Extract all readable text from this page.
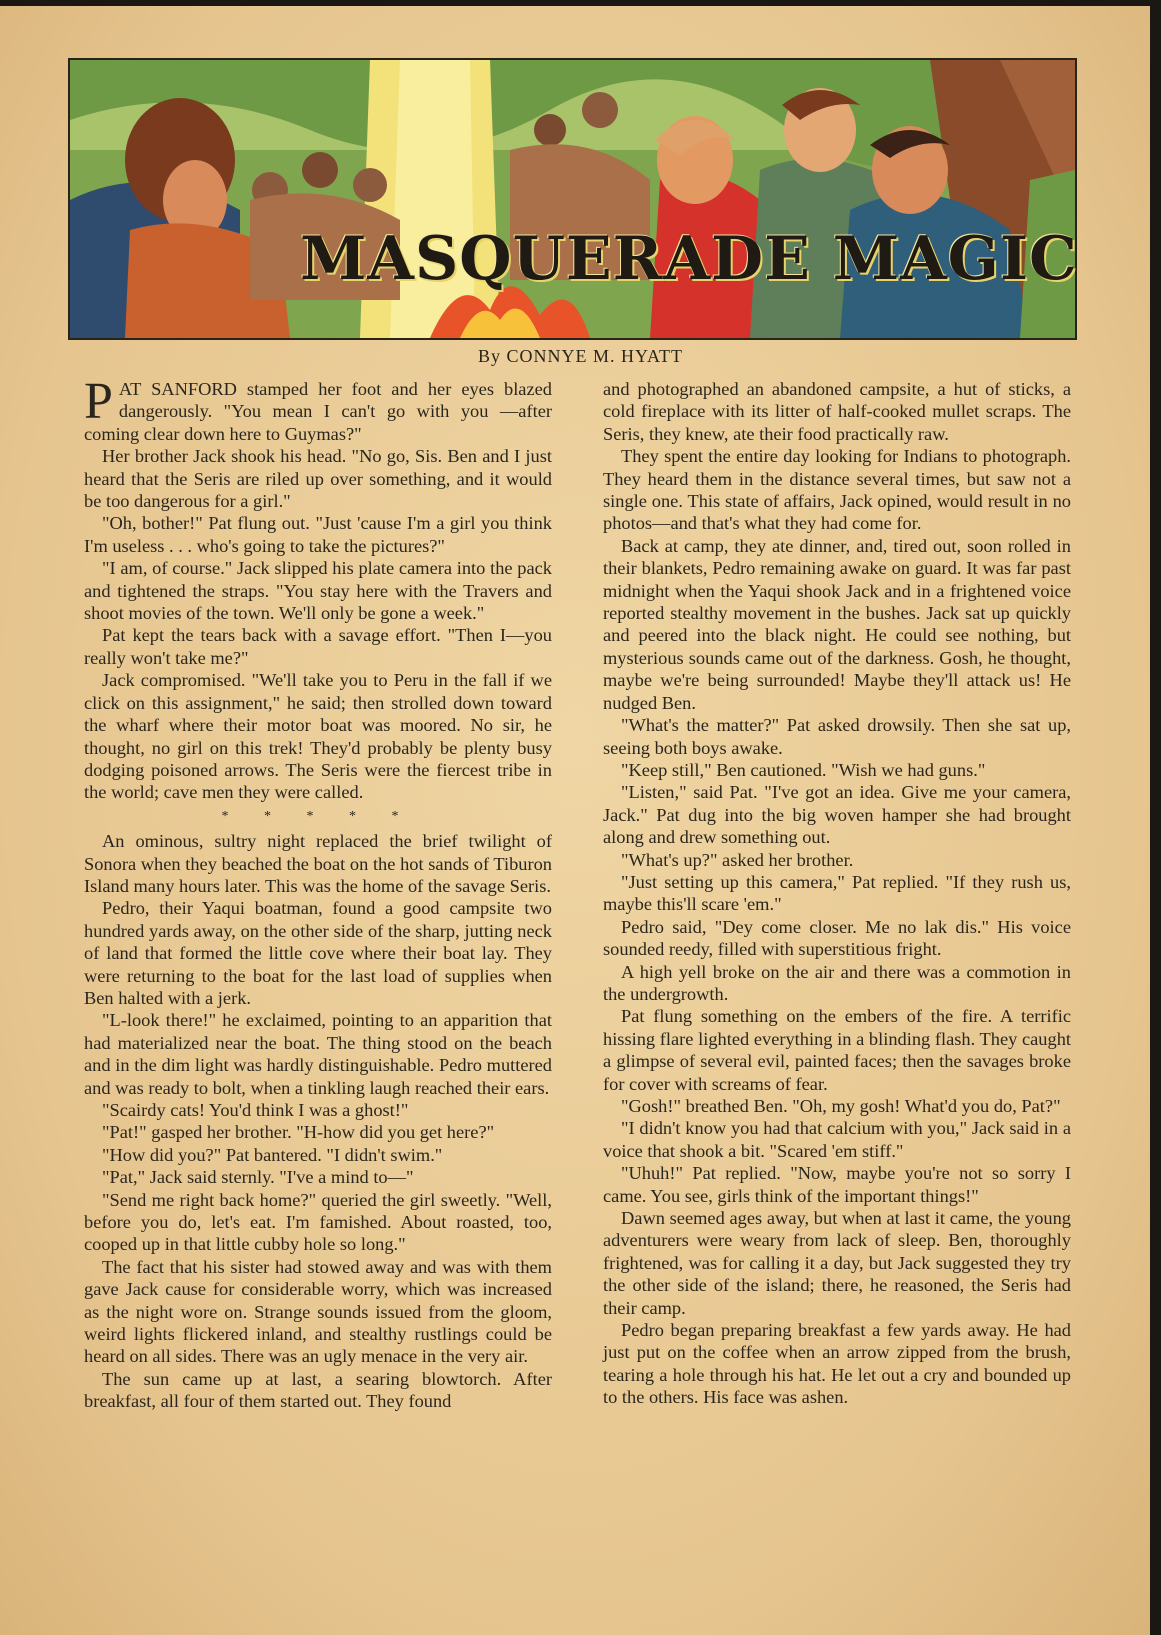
MASQUERADE MAGIC
By CONNYE M. HYATT

PAT SANFORD stamped her foot and her eyes blazed dangerously. "You mean I can't go with you —after coming clear down here to Guymas?"

Her brother Jack shook his head. "No go, Sis. Ben and I just heard that the Seris are riled up over something, and it would be too dangerous for a girl."

"Oh, bother!" Pat flung out. "Just 'cause I'm a girl you think I'm useless . . . who's going to take the pictures?"

"I am, of course." Jack slipped his plate camera into the pack and tightened the straps. "You stay here with the Travers and shoot movies of the town. We'll only be gone a week."

Pat kept the tears back with a savage effort. "Then I—you really won't take me?"

Jack compromised. "We'll take you to Peru in the fall if we click on this assignment," he said; then strolled down toward the wharf where their motor boat was moored. No sir, he thought, no girl on this trek! They'd probably be plenty busy dodging poisoned arrows. The Seris were the fiercest tribe in the world; cave men they were called.

* * * * *

An ominous, sultry night replaced the brief twilight of Sonora when they beached the boat on the hot sands of Tiburon Island many hours later. This was the home of the savage Seris.

Pedro, their Yaqui boatman, found a good campsite two hundred yards away, on the other side of the sharp, jutting neck of land that formed the little cove where their boat lay. They were returning to the boat for the last load of supplies when Ben halted with a jerk.

"L-look there!" he exclaimed, pointing to an apparition that had materialized near the boat. The thing stood on the beach and in the dim light was hardly distinguishable. Pedro muttered and was ready to bolt, when a tinkling laugh reached their ears.

"Scairdy cats! You'd think I was a ghost!"

"Pat!" gasped her brother. "H-how did you get here?"

"How did you?" Pat bantered. "I didn't swim."

"Pat," Jack said sternly. "I've a mind to—"

"Send me right back home?" queried the girl sweetly. "Well, before you do, let's eat. I'm famished. About roasted, too, cooped up in that little cubby hole so long."

The fact that his sister had stowed away and was with them gave Jack cause for considerable worry, which was increased as the night wore on. Strange sounds issued from the gloom, weird lights flickered inland, and stealthy rustlings could be heard on all sides. There was an ugly menace in the very air.

The sun came up at last, a searing blowtorch. After breakfast, all four of them started out. They found

and photographed an abandoned campsite, a hut of sticks, a cold fireplace with its litter of half-cooked mullet scraps. The Seris, they knew, ate their food practically raw.

They spent the entire day looking for Indians to photograph. They heard them in the distance several times, but saw not a single one. This state of affairs, Jack opined, would result in no photos—and that's what they had come for.

Back at camp, they ate dinner, and, tired out, soon rolled in their blankets, Pedro remaining awake on guard. It was far past midnight when the Yaqui shook Jack and in a frightened voice reported stealthy movement in the bushes. Jack sat up quickly and peered into the black night. He could see nothing, but mysterious sounds came out of the darkness. Gosh, he thought, maybe we're being surrounded! Maybe they'll attack us! He nudged Ben.

"What's the matter?" Pat asked drowsily. Then she sat up, seeing both boys awake.

"Keep still," Ben cautioned. "Wish we had guns."

"Listen," said Pat. "I've got an idea. Give me your camera, Jack." Pat dug into the big woven hamper she had brought along and drew something out.

"What's up?" asked her brother.

"Just setting up this camera," Pat replied. "If they rush us, maybe this'll scare 'em."

Pedro said, "Dey come closer. Me no lak dis." His voice sounded reedy, filled with superstitious fright.

A high yell broke on the air and there was a commotion in the undergrowth.

Pat flung something on the embers of the fire. A terrific hissing flare lighted everything in a blinding flash. They caught a glimpse of several evil, painted faces; then the savages broke for cover with screams of fear.

"Gosh!" breathed Ben. "Oh, my gosh! What'd you do, Pat?"

"I didn't know you had that calcium with you," Jack said in a voice that shook a bit. "Scared 'em stiff."

"Uhuh!" Pat replied. "Now, maybe you're not so sorry I came. You see, girls think of the important things!"

Dawn seemed ages away, but when at last it came, the young adventurers were weary from lack of sleep. Ben, thoroughly frightened, was for calling it a day, but Jack suggested they try the other side of the island; there, he reasoned, the Seris had their camp.

Pedro began preparing breakfast a few yards away. He had just put on the coffee when an arrow zipped from the brush, tearing a hole through his hat. He let out a cry and bounded up to the others. His face was ashen.
